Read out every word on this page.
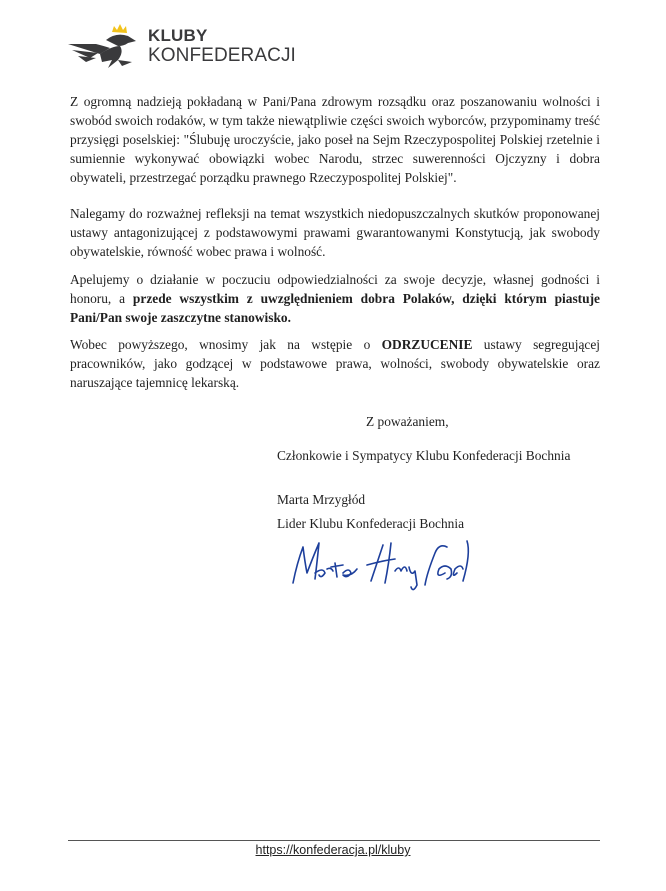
KLUBY
KONFEDERACJI

Z ogromną nadzieją pokładaną w Pani/Pana zdrowym rozsądku oraz poszanowaniu wolności i swobód swoich rodaków, w tym także niewątpliwie części swoich wyborców, przypominamy treść przysięgi poselskiej: "Ślubuję uroczyście, jako poseł na Sejm Rzeczypospolitej Polskiej rzetelnie i sumiennie wykonywać obowiązki wobec Narodu, strzec suwerenności Ojczyzny i dobra obywateli, przestrzegać porządku prawnego Rzeczypospolitej Polskiej".

Nalegamy do rozważnej refleksji na temat wszystkich niedopuszczalnych skutków proponowanej ustawy antagonizującej z podstawowymi prawami gwarantowanymi Konstytucją, jak swobody obywatelskie, równość wobec prawa i wolność.

Apelujemy o działanie w poczuciu odpowiedzialności za swoje decyzje, własnej godności i honoru, a przede wszystkim z uwzględnieniem dobra Polaków, dzięki którym piastuje Pani/Pan swoje zaszczytne stanowisko.

Wobec powyższego, wnosimy jak na wstępie o ODRZUCENIE ustawy segregującej pracowników, jako godzącej w podstawowe prawa, wolności, swobody obywatelskie oraz naruszające tajemnicę lekarską.

Z poważaniem,
Członkowie i Sympatycy Klubu Konfederacji Bochnia
Marta Mrzygłód
Lider Klubu Konfederacji Bochnia
https://konfederacja.pl/kluby
